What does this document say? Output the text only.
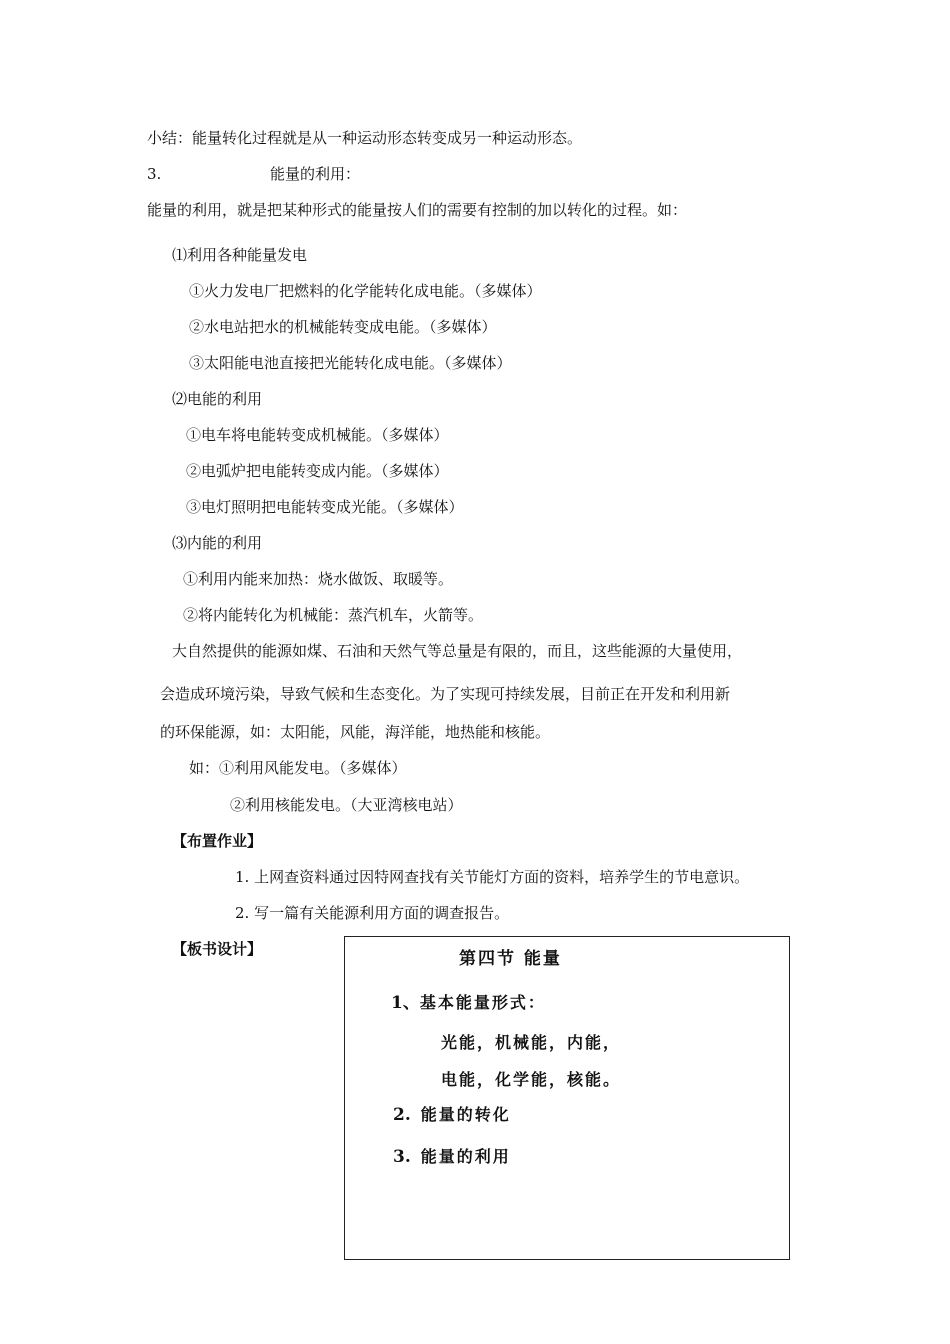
小结：能量转化过程就是从一种运动形态转变成另一种运动形态。
3.	能量的利用：
能量的利用，就是把某种形式的能量按人们的需要有控制的加以转化的过程。如：
⑴利用各种能量发电
①火力发电厂把燃料的化学能转化成电能。（多媒体）
②水电站把水的机械能转变成电能。（多媒体）
③太阳能电池直接把光能转化成电能。（多媒体）
⑵电能的利用
①电车将电能转变成机械能。（多媒体）
②电弧炉把电能转变成内能。（多媒体）
③电灯照明把电能转变成光能。（多媒体）
⑶内能的利用
①利用内能来加热：烧水做饭、取暖等。
②将内能转化为机械能：蒸汽机车，火箭等。
大自然提供的能源如煤、石油和天然气等总量是有限的，而且，这些能源的大量使用，
会造成环境污染，导致气候和生态变化。为了实现可持续发展，目前正在开发和利用新
的环保能源，如：太阳能，风能，海洋能，地热能和核能。
如：①利用风能发电。（多媒体）
②利用核能发电。（大亚湾核电站）
【布置作业】
1. 上网查资料通过因特网查找有关节能灯方面的资料，培养学生的节电意识。
2. 写一篇有关能源利用方面的调查报告。
【板书设计】	第四节 能量
1、基本能量形式：
光能，机械能，内能，
电能，化学能，核能。
2. 能量的转化
3. 能量的利用
